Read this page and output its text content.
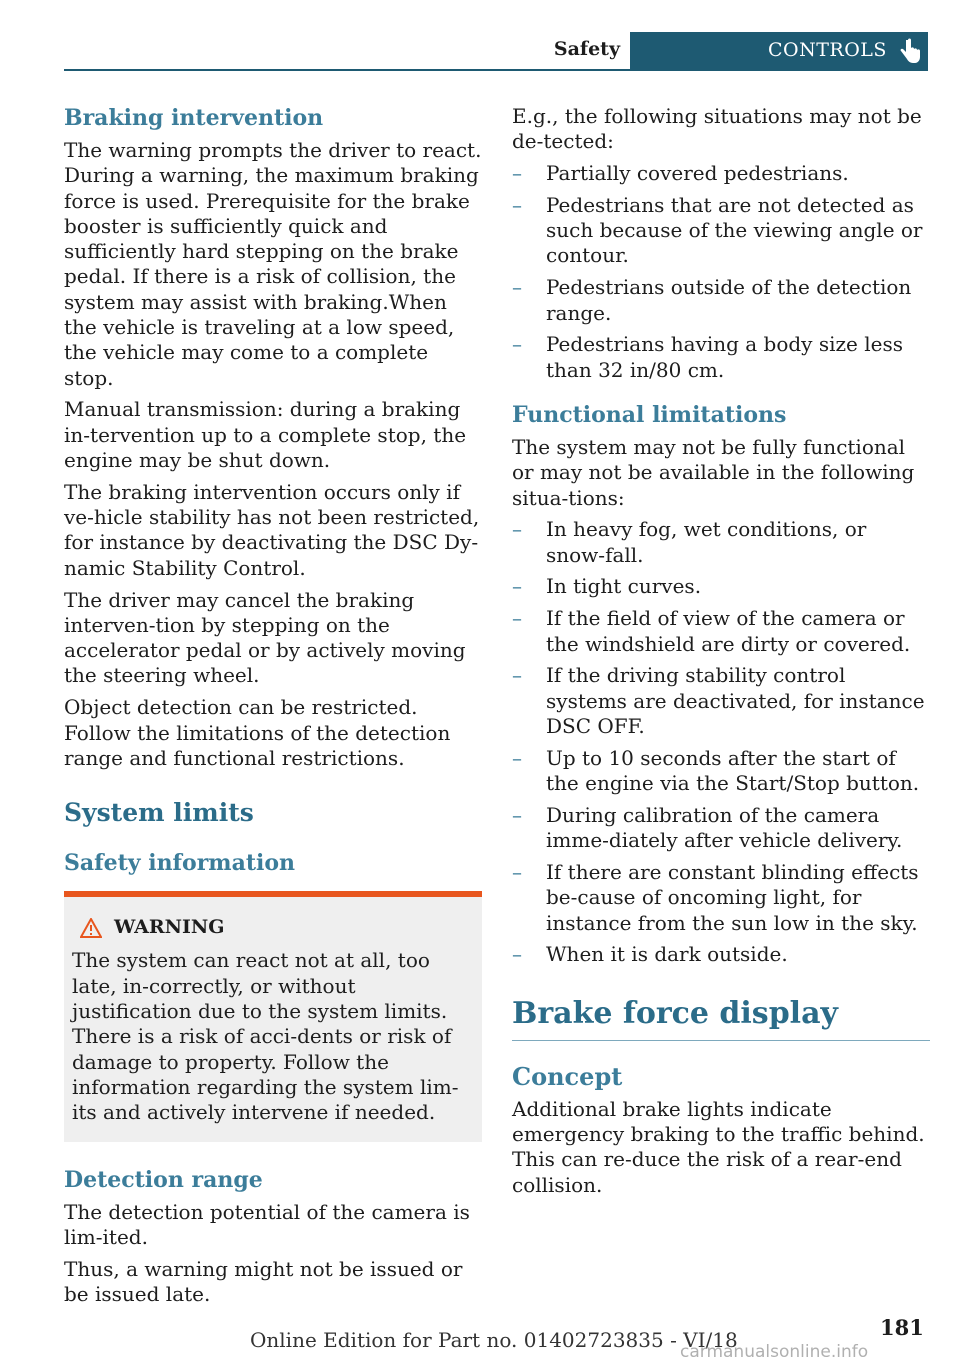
Safety	CONTROLS
Braking intervention

The warning prompts the driver to react. During a warning, the maximum braking force is used. Prerequisite for the brake booster is sufficiently quick and sufficiently hard stepping on the brake pedal. If there is a risk of collision, the system may assist with braking.When the vehicle is traveling at a low speed, the vehicle may come to a complete stop.

Manual transmission: during a braking in‐tervention up to a complete stop, the engine may be shut down.

The braking intervention occurs only if ve‐hicle stability has not been restricted, for instance by deactivating the DSC Dy‐namic Stability Control.

The driver may cancel the braking interven‐tion by stepping on the accelerator pedal or by actively moving the steering wheel.

Object detection can be restricted. Follow the limitations of the detection range and functional restrictions.

System limits
Safety information
WARNING

The system can react not at all, too late, in‐correctly, or without justification due to the system limits. There is a risk of acci‐dents or risk of damage to property. Follow the information regarding the system lim‐its and actively intervene if needed.

Detection range

The detection potential of the camera is lim‐ited.

Thus, a warning might not be issued or be issued late.

E.g., the following situations may not be de‐tected:

– Partially covered pedestrians.
– Pedestrians that are not detected as such because of the viewing angle or contour.
– Pedestrians outside of the detection range.
– Pedestrians having a body size less than 32 in/80 cm.
Functional limitations

The system may not be fully functional or may not be available in the following situa‐tions:

– In heavy fog, wet conditions, or snow‐fall.
– In tight curves.
– If the field of view of the camera or the windshield are dirty or covered.
– If the driving stability control systems are deactivated, for instance DSC OFF.
– Up to 10 seconds after the start of the engine via the Start/Stop button.
– During calibration of the camera imme‐diately after vehicle delivery.
– If there are constant blinding effects be‐cause of oncoming light, for instance from the sun low in the sky.
– When it is dark outside.
Brake force display
Concept

Additional brake lights indicate emergency braking to the traffic behind. This can re‐duce the risk of a rear-end collision.

181
Online Edition for Part no. 01402723835 - VI/18
carmanualsonline.info
